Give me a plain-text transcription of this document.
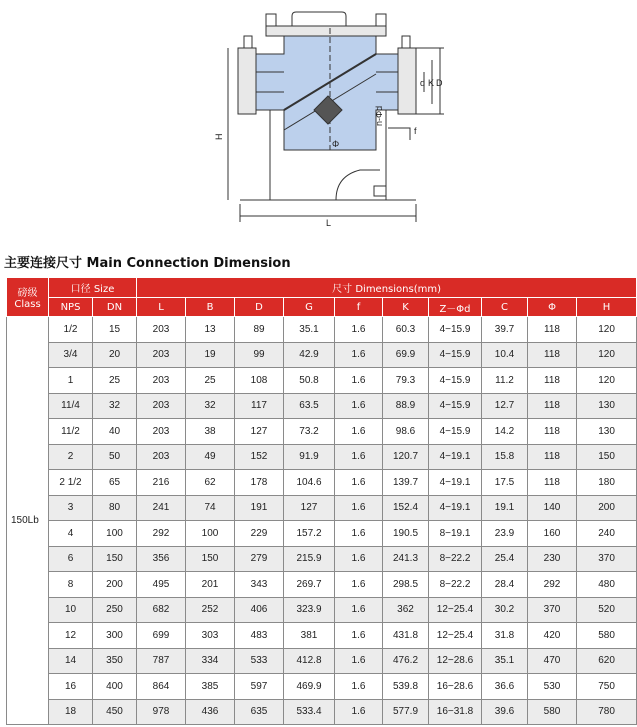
H
L
Φ
d K D
n-Φd
f
主要连接尺寸 Main Connection Dimension
磅级
Class	口径 Size		尺寸 Dimensions(mm)									
	NPS	DN	L	B	D	G	f	K	Z－Φd	C	Φ	H
150Lb	1/2	15	203	13	89	35.1	1.6	60.3	4−15.9	39.7	118	120
	3/4	20	203	19	99	42.9	1.6	69.9	4−15.9	10.4	118	120
	1	25	203	25	108	50.8	1.6	79.3	4−15.9	11.2	118	120
	11/4	32	203	32	117	63.5	1.6	88.9	4−15.9	12.7	118	130
	11/2	40	203	38	127	73.2	1.6	98.6	4−15.9	14.2	118	130
	2	50	203	49	152	91.9	1.6	120.7	4−19.1	15.8	118	150
	2 1/2	65	216	62	178	104.6	1.6	139.7	4−19.1	17.5	118	180
	3	80	241	74	191	127	1.6	152.4	4−19.1	19.1	140	200
	4	100	292	100	229	157.2	1.6	190.5	8−19.1	23.9	160	240
	6	150	356	150	279	215.9	1.6	241.3	8−22.2	25.4	230	370
	8	200	495	201	343	269.7	1.6	298.5	8−22.2	28.4	292	480
	10	250	682	252	406	323.9	1.6	362	12−25.4	30.2	370	520
	12	300	699	303	483	381	1.6	431.8	12−25.4	31.8	420	580
	14	350	787	334	533	412.8	1.6	476.2	12−28.6	35.1	470	620
	16	400	864	385	597	469.9	1.6	539.8	16−28.6	36.6	530	750
	18	450	978	436	635	533.4	1.6	577.9	16−31.8	39.6	580	780
